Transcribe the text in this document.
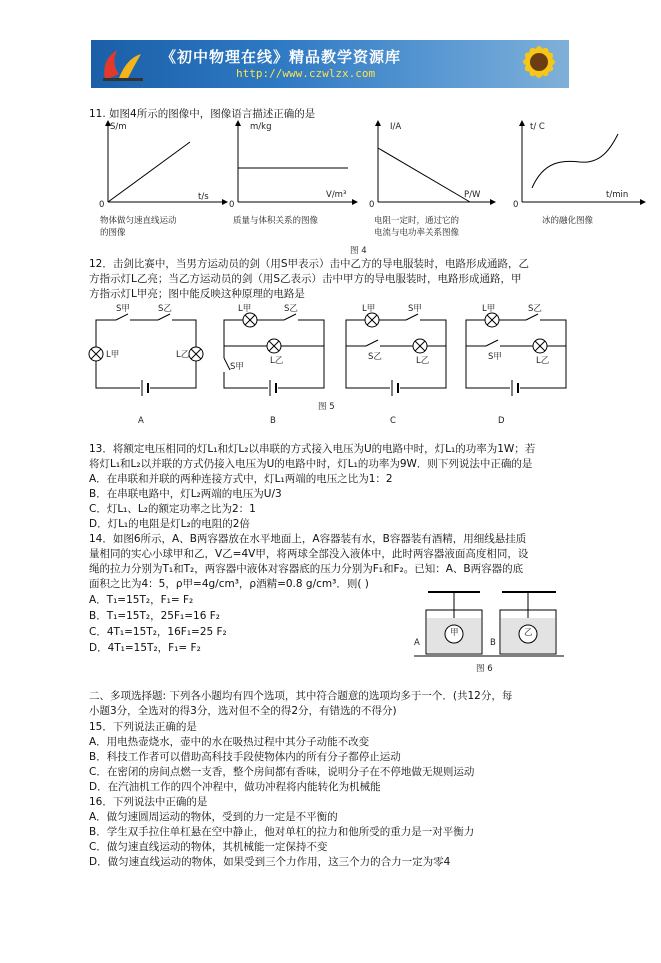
《初中物理在线》精品教学资源库
http://www.czwlzx.com
11. 如图4所示的图像中，图像语言描述正确的是
S/m
t/s
0
物体做匀速直线运动
的图像
m/kg
V/m³
0
质量与体积关系的图像
I/A
P/W
0
电阻一定时，通过它的
电流与电功率关系图像
t/ C
t/min
0
冰的融化图像
图 4
12．击剑比赛中，当男方运动员的剑（用S甲表示）击中乙方的导电服装时，电路形成通路，乙
方指示灯L乙亮；当乙方运动员的剑（用S乙表示）击中甲方的导电服装时，电路形成通路，甲
方指示灯L甲亮；图中能反映这种原理的电路是
S甲	S乙
L甲	L乙
L甲	S乙
L乙
S甲
L甲	S甲
S乙	L乙
L甲	S乙
S甲	L乙
图 5
A	B	C	D
13．将额定电压相同的灯L₁和灯L₂以串联的方式接入电压为U的电路中时，灯L₁的功率为1W；若
将灯L₁和L₂以并联的方式仍接入电压为U的电路中时，灯L₁的功率为9W．则下列说法中正确的是
A．在串联和并联的两种连接方式中，灯L₁两端的电压之比为1：2
B．在串联电路中，灯L₂两端的电压为U/3
C．灯L₁、L₂的额定功率之比为2：1
D．灯L₁的电阻是灯L₂的电阻的2倍
14．如图6所示，A、B两容器放在水平地面上，A容器装有水，B容器装有酒精，用细线悬挂质
量相同的实心小球甲和乙，V乙=4V甲，将两球全部没入液体中，此时两容器液面高度相同，设
绳的拉力分别为T₁和T₂，两容器中液体对容器底的压力分别为F₁和F₂。已知：A、B两容器的底
面积之比为4：5，ρ甲=4g/cm³，ρ酒精=0.8 g/cm³．则( )
A．T₁=15T₂，F₁= F₂
B．T₁=15T₂，25F₁=16 F₂
C．4T₁=15T₂，16F₁=25 F₂
D．4T₁=15T₂，F₁= F₂
甲	乙
A	B
图 6
二、多项选择题: 下列各小题均有四个选项，其中符合题意的选项均多于一个．(共12分，每
小题3分，全选对的得3分，选对但不全的得2分，有错选的不得分)
15．下列说法正确的是
A．用电热壶烧水，壶中的水在吸热过程中其分子动能不改变
B．科技工作者可以借助高科技手段使物体内的所有分子都停止运动
C．在密闭的房间点燃一支香，整个房间都有香味，说明分子在不停地做无规则运动
D．在汽油机工作的四个冲程中，做功冲程将内能转化为机械能
16．下列说法中正确的是
A．做匀速圆周运动的物体，受到的力一定是不平衡的
B．学生双手拉住单杠悬在空中静止，他对单杠的拉力和他所受的重力是一对平衡力
C．做匀速直线运动的物体，其机械能一定保持不变
D．做匀速直线运动的物体，如果受到三个力作用，这三个力的合力一定为零4
